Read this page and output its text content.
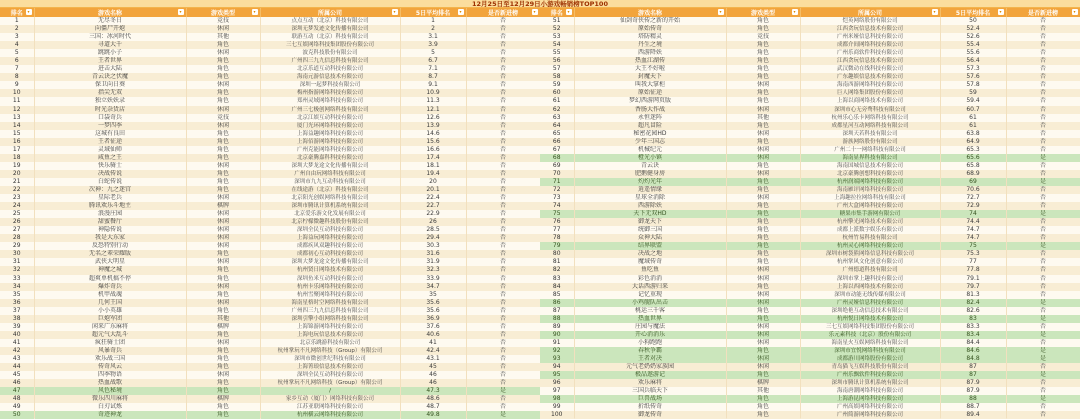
12月25日至12月29日小游戏畅销榜TOP100
排名 ▾	游戏名称 ▾	游戏类型 ▾	所属公司 ▾	5日平均排名 ▾	是否新进榜 ▾

1	无尽冬日	竞技	点点互动（北京）科技有限公司	1	否
2	向僵尸开炮	休闲	深圳无梦发迹文化传播有限公司	2	否
3	三国：冰河时代	其他	联游互动（北京）科技有限公司	3.1	否
4	寻道大千	角色	三七互娱网络科技集团股份有限公司	3.9	否
5	跳跳小子	休闲	波克科技股份有限公司	5	否
6	王者世界	角色	广州四三九九信息科技有限公司	6.7	否
7	进击大陆	角色	北京乐道互动科技有限公司	7.1	否
8	青云诀之伏魔	角色	海南元游信息技术有限公司	8.7	否
9	保卫向日葵	休闲	深圳一起梦科技有限公司	9.1	否
10	指尖无双	角色	梅州指游网络科技有限公司	10.9	否
11	独立妖妖录	角色	郑州灵域网络科技有限公司	11.3	否
12	时光杂货店	休闲	广州三七极创网络科技有限公司	12.1	否
13	口袋奇兵	竞技	北京江娱互动科技有限公司	12.6	否
14	一梦四季	休闲	厦门光环网络科技有限公司	13.9	否
15	这城有良田	角色	上海益趣网络科技有限公司	14.6	否
16	王者征途	角色	上海佰游网络科技有限公司	15.6	否
17	灵域仙师	角色	广州克能网络科技有限公司	16.6	否
18	咸鱼之王	角色	北京豪腾嘉科科技有限公司	17.4	否
19	快乐骑士	休闲	深圳大梦龙途文化传播有限公司	18.1	否
20	决战传说	角色	广州自由玩网络科技有限公司	19.4	否
21	白蛇传说	角色	深圳市九九互动科技有限公司	20	否
22	次神：九之迷宫	角色	在线途游（北京）科技有限公司	20.1	否
23	星际老兵	休闲	北京阳光创娱网络科技有限公司	22.4	否
24	腾讯欢乐斗地主	棋牌	深圳市腾讯计算机系统有限公司	22.7	否
25	浪漫庄园	休闲	北京爱乐游文化发展有限公司	22.9	否
26	甜蜜餐厅	休闲	北京柠檬微趣科技股份有限公司	26	否
27	神隐传说	休闲	深圳全民互动科技有限公司	28.5	否
28	我是大东家	休闲	上海益玩网络科技有限公司	29.4	否
29	反恐特别行动	休闲	成都疾风双趣科技有限公司	30.3	否
30	无名之辈荣耀版	角色	成都初心互动科技有限公司	31.6	否
31	武侠大明星	休闲	深圳大梦龙途文化传播有限公司	31.9	否
32	神魔之城	角色	杭州贤日网络技术有限公司	32.3	否
33	超爽单机搞不停	角色	深圳鱼米互动科技有限公司	33.9	否
34	爆炸奇兵	休闲	杭州卡乐网络科技有限公司	34.7	否
35	机甲战魂	角色	杭州雪聚网络科技有限公司	35	否
36	几何王国	休闲	海南星格时空网络科技有限公司	35.6	否
37	小小英雄	角色	广州四三九九信息科技有限公司	35.6	否
38	巨炮军团	其他	深圳引擎小组网络科技有限公司	36.9	否
39	闲来广东麻将	棋牌	上海锦游网络科技有限公司	37.6	否
40	超元气大乱斗	角色	上海电玩信息技术有限公司	40.6	否
41	疯狂骑士团	休闲	北京乐跳游科技有限公司	41	否
42	风暴奇兵	角色	杭州掌玩不凡网络科技（Group）有限公司	42.4	否
43	欢乐战三国	角色	深圳市微创世纪科技有限公司	43.1	否
44	传奇风云	角色	上海箐琅信息技术有限公司	45	否
45	四季物语	休闲	深圳全民互动科技有限公司	46	否
46	热血战歌	角色	杭州掌玩不凡网络科技（Group）有限公司	46	否
47	风色秘境	角色	/	47.3	是
48	微乐四川麻将	棋牌	家乡互动（厦门）网络科技有限公司	48.6	否
49	白刃试炼	角色	江苏亚联网络科技有限公司	48.7	否
50	奇迹神龙	角色	杭州横云网络科技有限公司	49.8	是
排名 ▾	游戏名称 ▾	游戏类型 ▾	所属公司 ▾	5日平均排名 ▾	是否新进榜 ▾

51	仙剑奇侠传之新的开始	角色	恺英网络股份有限公司	50	否
52	原始传奇	角色	江西贪玩信息技术有限公司	52.4	否
53	塔防精灵	竞技	广州米娅信息科技有限公司	52.6	否
54	丹生之境	角色	成都介间网络科技有限公司	55.4	否
55	西游降妖	角色	广州乐商软件科技有限公司	55.6	否
56	热血江湖传	角色	江西贪玩信息技术有限公司	56.4	否
57	大王不好啦	角色	武汉微动在线科技有限公司	57.3	否
58	封魔天下	角色	广东趣娱信息技术有限公司	57.6	否
59	叫我大掌柜	休闲	海南西游网络科技有限公司	57.8	否
60	原始征途	角色	巨人网络集团股份有限公司	59	否
61	梦幻西游网页版	角色	上海以商网络技术有限公司	59.4	否
62	香肠大作战	休闲	深圳市心无旁骛科技有限公司	60.7	否
63	永恒迷阵	其他	杭州乐心乐卡网络科技有限公司	61	否
64	超凡冒险	角色	成都星河互动网络科技有限公司	61	否
65	秘密花园HD	休闲	深圳天若科技有限公司	63.8	否
66	少年三国志	角色	游族网络股份有限公司	64.9	否
67	机械纪元	休闲	广州二十一网络科技有限公司	65.3	否
68	橙光小镇	休闲	海南显界科技有限公司	65.6	是
69	青云诀	角色	海南国城信息技术有限公司	65.8	否
70	肥鹅健身房	休闲	北京豪腾创想科技有限公司	68.9	否
71	灼灼光年	角色	杭州润端网络科技有限公司	69	是
72	逍遥情缘	角色	海南雁评网络科技有限公司	70.6	否
73	星球全消除	休闲	上海趣拉拉网络科技有限公司	72.7	否
74	西游除妖	角色	广州大盒网络科技有限公司	72.9	否
75	天下无双HD	角色	糖果市集手游网有限公司	74	是
76	御龙天下	角色	杭州擎光网络技术有限公司	74.4	否
77	统御三国	角色	成都上派数字娱乐有限公司	74.7	否
78	众神大陆	角色	杭州竹易科技有限公司	74.7	否
79	结界联盟	角色	杭州灵心网络科技有限公司	75	是
80	决战之地	角色	深圳市树袋熊网络信息科技有限公司	75.3	否
81	魔域传奇	角色	杭州掌风文化创意有限公司	77	否
82	鱼吃鱼	休闲	广州德道科技有限公司	77.8	否
83	彩色消消	休闲	深圳市掌上趣科技有限公司	79.1	否
84	大话西游归来	角色	上海以西网络技术有限公司	79.7	否
85	记忆重现	休闲	深圳市动能无线传媒有限公司	81.3	否
86	小鸡舰队出击	休闲	广州灵娅信息科技有限公司	82.4	是
87	桃运三千客	角色	深圳绝艳互动信息技术有限公司	82.6	否
88	热血世界	角色	杭州悦日网络技术有限公司	83	是
89	庄园与魔法	休闲	三七互娱网络科技集团股份有限公司	83.3	否
90	开心消消乐	休闲	乐元素科技（北京）股份有限公司	83.4	是
91	小狗跑跑	休闲	海南星火互娱网络科技有限公司	84.4	否
92	春秋争霸	角色	深圳市宜悦网络科技有限公司	84.6	是
93	王者对决	休闲	成都游川网络股份有限公司	84.8	是
94	元气老奶奶家族园	休闲	青岛猫飞互娱科技股份有限公司	87	否
95	极品遨游记	角色	广州乐飘软件科技有限公司	87	是
96	欢乐麻将	棋牌	深圳市腾讯计算机系统有限公司	87.9	否
97	三国兵临天下	其他	海南唐潮网络科技有限公司	87.9	否
98	巨兽战场	角色	上海游昆网络科技有限公司	88	是
99	折纸传奇	角色	广州高娱网络科技有限公司	88.7	否
100	御龙传奇	角色	广州简游网络科技有限公司	89.4	否
